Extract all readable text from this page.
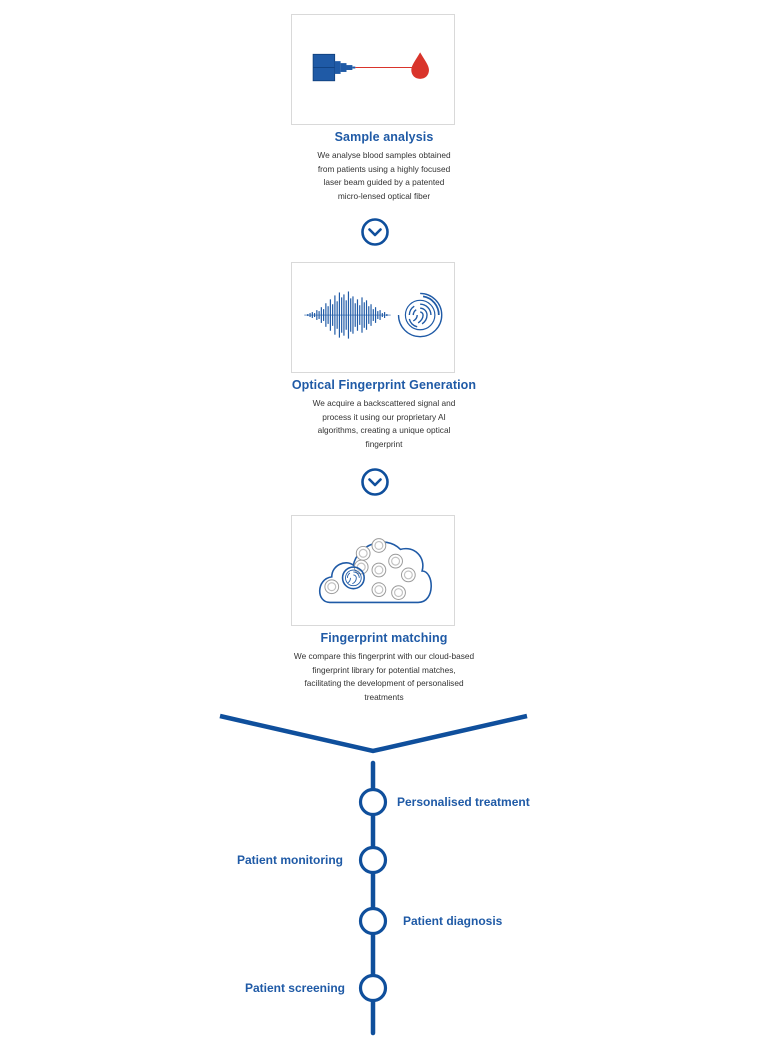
Sample analysis
We analyse blood samples obtained
from patients using a highly focused
laser beam guided by a patented
micro-lensed optical fiber
Optical Fingerprint Generation
We acquire a backscattered signal and
process it using our proprietary AI
algorithms, creating a unique optical
fingerprint
Fingerprint matching
We compare this fingerprint with our cloud-based
fingerprint library for potential matches,
facilitating the development of personalised
treatments
Personalised treatment
Patient monitoring
Patient diagnosis
Patient screening
